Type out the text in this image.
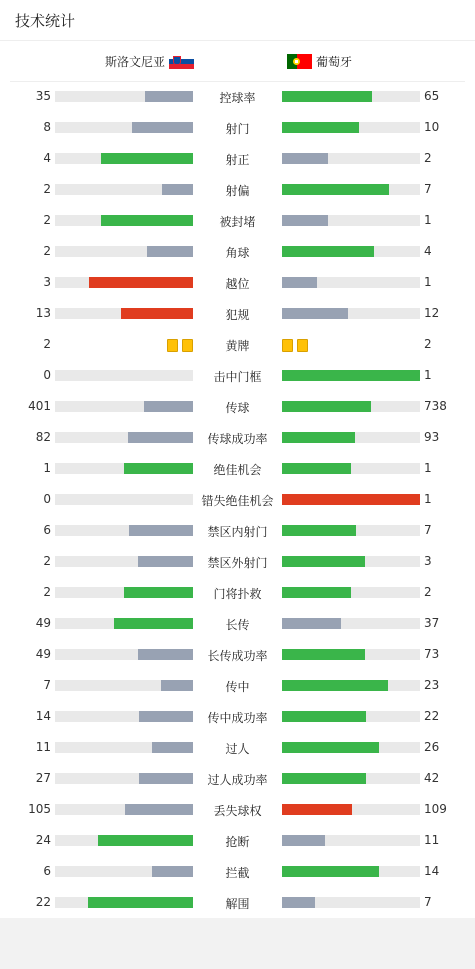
技术统计
斯洛文尼亚	葡萄牙
35	控球率	65
8	射门	10
4	射正	2
2	射偏	7
2	被封堵	1
2	角球	4
3	越位	1
13	犯规	12
2	黄牌	2
0	击中门框	1
401	传球	738
82	传球成功率	93
1	绝佳机会	1
0	错失绝佳机会	1
6	禁区内射门	7
2	禁区外射门	3
2	门将扑救	2
49	长传	37
49	长传成功率	73
7	传中	23
14	传中成功率	22
11	过人	26
27	过人成功率	42
105	丢失球权	109
24	抢断	11
6	拦截	14
22	解围	7
